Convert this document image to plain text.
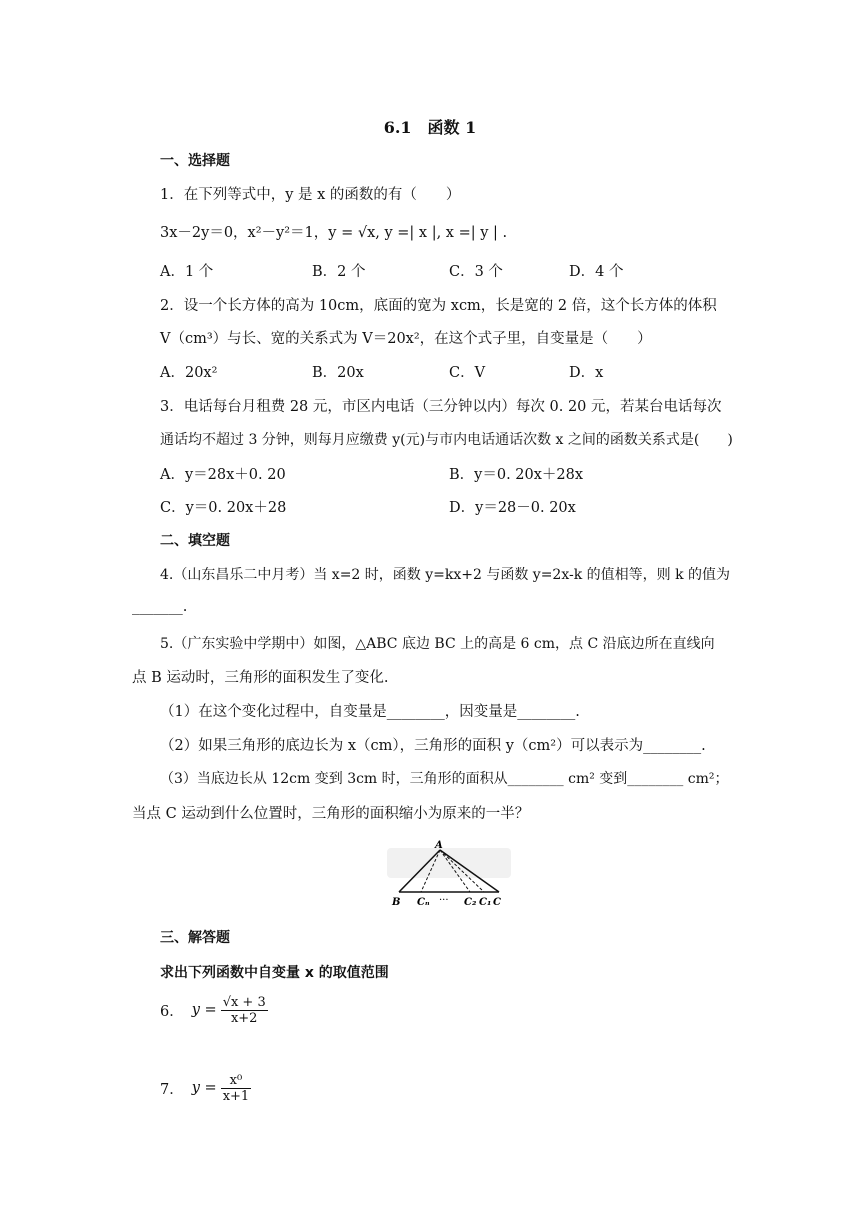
6.1　函数 1
一、选择题
1．在下列等式中，y 是 x 的函数的有（　　）
3x－2y＝0，x²－y²＝1，y = √x, y =| x |, x =| y | .
A．1 个	B．2 个	C．3 个	D．4 个
2．设一个长方体的高为 10cm，底面的宽为 xcm，长是宽的 2 倍，这个长方体的体积
V（cm³）与长、宽的关系式为 V＝20x²，在这个式子里，自变量是（　　）
A．20x²	B．20x	C．V	D．x
3．电话每台月租费 28 元，市区内电话（三分钟以内）每次 0. 20 元，若某台电话每次
通话均不超过 3 分钟，则每月应缴费 y(元)与市内电话通话次数 x 之间的函数关系式是(　　)
A．y＝28x＋0. 20	B．y＝0. 20x＋28x
C．y＝0. 20x＋28	D．y＝28－0. 20x
二、填空题
4.（山东昌乐二中月考）当 x=2 时，函数 y=kx+2 与函数 y=2x-k 的值相等，则 k 的值为
_______.
5.（广东实验中学期中）如图，△ABC 底边 BC 上的高是 6 cm，点 C 沿底边所在直线向
点 B 运动时，三角形的面积发生了变化.
（1）在这个变化过程中，自变量是________，因变量是________.
（2）如果三角形的底边长为 x（cm），三角形的面积 y（cm²）可以表示为________.
（3）当底边长从 12cm 变到 3cm 时，三角形的面积从________ cm² 变到________ cm²；
当点 C 运动到什么位置时，三角形的面积缩小为原来的一半？
A
B Cₙ ··· C₂ C₁ C
三、解答题
求出下列函数中自变量 x 的取值范围
6． $y = \frac{√x + 3}{x+2}$
7． $y = \frac{\text{x⁰}}{x+1}$
